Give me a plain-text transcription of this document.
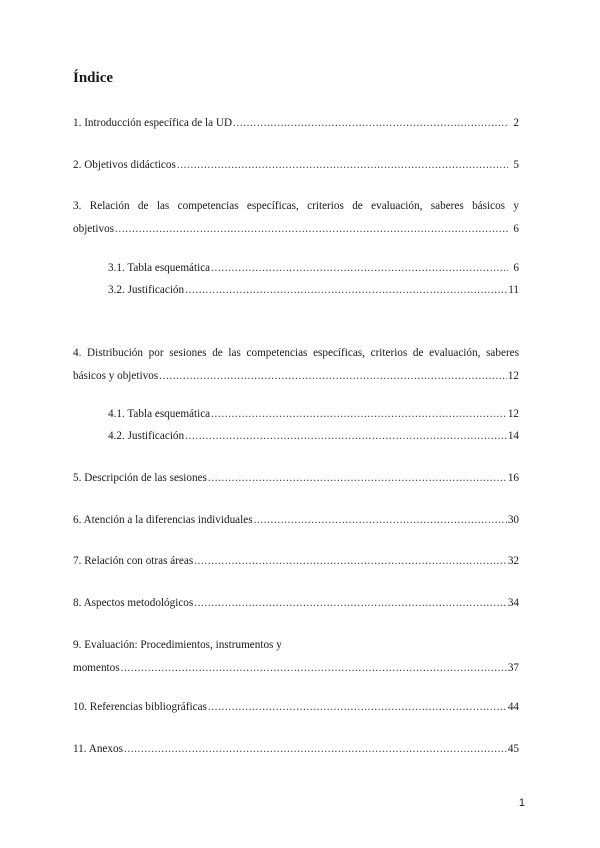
Índice
1. Introducción específica de la UD .....	2
2. Objetivos didácticos .....	5
3. Relación de las competencias específicas, criterios de evaluación, saberes básicos y
objetivos .....	6
3.1. Tabla esquemática .....	6
3.2. Justificación .....	11
4. Distribución por sesiones de las competencias específicas, criterios de evaluación, saberes
básicos y objetivos .....	12
4.1. Tabla esquemática .....	12
4.2. Justificación .....	14
5. Descripción de las sesiones .....	16
6. Atención a la diferencias individuales .....	30
7. Relación con otras áreas .....	32
8. Aspectos metodológicos .....	34
9. Evaluación: Procedimientos, instrumentos y
momentos .....	37
10. Referencias bibliográficas .....	44
11. Anexos .....	45
1
